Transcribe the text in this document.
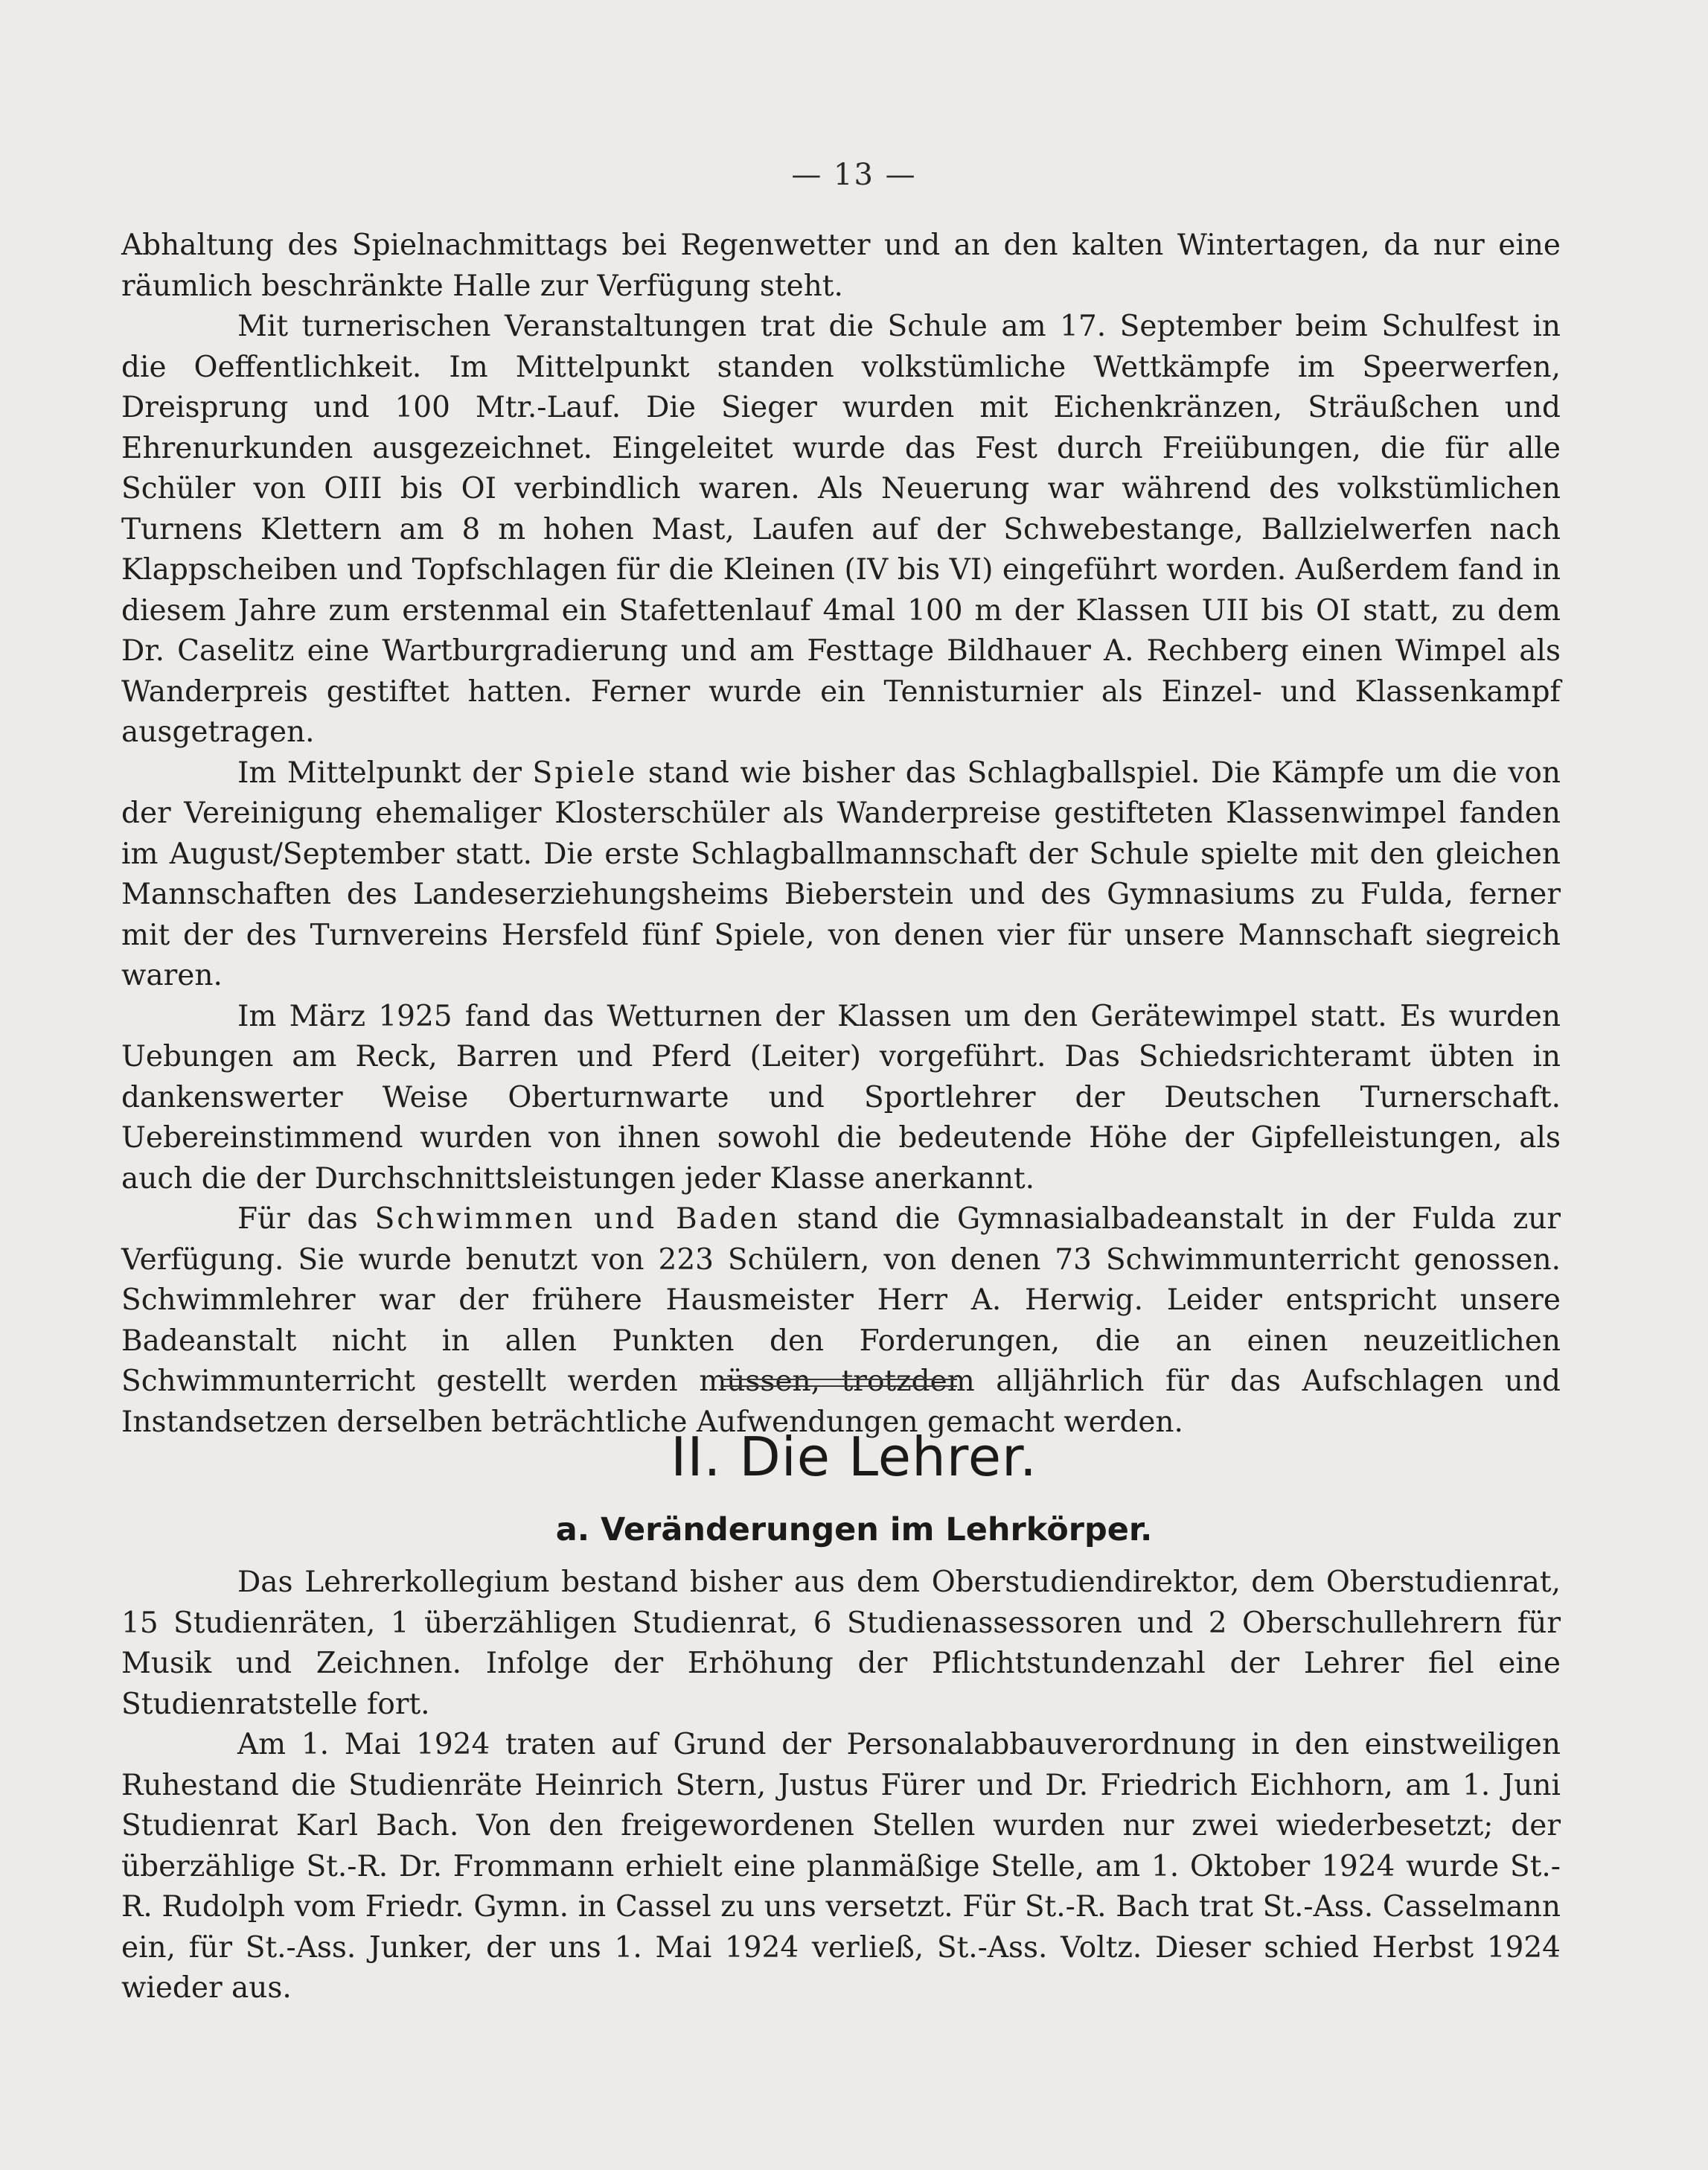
— 13 —

Abhaltung des Spielnachmittags bei Regenwetter und an den kalten Wintertagen, da nur eine räumlich beschränkte Halle zur Verfügung steht.

Mit turnerischen Veranstaltungen trat die Schule am 17. September beim Schulfest in die Oeffentlichkeit. Im Mittelpunkt standen volkstümliche Wettkämpfe im Speerwerfen, Dreisprung und 100 Mtr.-Lauf. Die Sieger wurden mit Eichenkränzen, Sträußchen und Ehrenurkunden ausgezeichnet. Eingeleitet wurde das Fest durch Freiübungen, die für alle Schüler von OIII bis OI verbindlich waren. Als Neuerung war während des volkstümlichen Turnens Klettern am 8 m hohen Mast, Laufen auf der Schwebestange, Ballzielwerfen nach Klappscheiben und Topfschlagen für die Kleinen (IV bis VI) eingeführt worden. Außerdem fand in diesem Jahre zum erstenmal ein Stafettenlauf 4mal 100 m der Klassen UII bis OI statt, zu dem Dr. Caselitz eine Wartburgradierung und am Festtage Bildhauer A. Rechberg einen Wimpel als Wanderpreis gestiftet hatten. Ferner wurde ein Tennisturnier als Einzel- und Klassenkampf ausgetragen.

Im Mittelpunkt der Spiele stand wie bisher das Schlagballspiel. Die Kämpfe um die von der Vereinigung ehemaliger Klosterschüler als Wanderpreise gestifteten Klassenwimpel fanden im August/September statt. Die erste Schlagballmannschaft der Schule spielte mit den gleichen Mannschaften des Landeserziehungsheims Bieberstein und des Gymnasiums zu Fulda, ferner mit der des Turnvereins Hersfeld fünf Spiele, von denen vier für unsere Mannschaft siegreich waren.

Im März 1925 fand das Wetturnen der Klassen um den Gerätewimpel statt. Es wurden Uebungen am Reck, Barren und Pferd (Leiter) vorgeführt. Das Schiedsrichteramt übten in dankenswerter Weise Oberturnwarte und Sportlehrer der Deutschen Turnerschaft. Uebereinstimmend wurden von ihnen sowohl die bedeutende Höhe der Gipfelleistungen, als auch die der Durchschnittsleistungen jeder Klasse anerkannt.

Für das Schwimmen und Baden stand die Gymnasialbadeanstalt in der Fulda zur Verfügung. Sie wurde benutzt von 223 Schülern, von denen 73 Schwimmunterricht genossen. Schwimmlehrer war der frühere Hausmeister Herr A. Herwig. Leider entspricht unsere Badeanstalt nicht in allen Punkten den Forderungen, die an einen neuzeitlichen Schwimmunterricht gestellt werden müssen, trotzdem alljährlich für das Aufschlagen und Instandsetzen derselben beträchtliche Aufwendungen gemacht werden.

II. Die Lehrer.
a. Veränderungen im Lehrkörper.

Das Lehrerkollegium bestand bisher aus dem Oberstudiendirektor, dem Oberstudienrat, 15 Studienräten, 1 überzähligen Studienrat, 6 Studienassessoren und 2 Oberschullehrern für Musik und Zeichnen. Infolge der Erhöhung der Pflichtstundenzahl der Lehrer fiel eine Studienratstelle fort.

Am 1. Mai 1924 traten auf Grund der Personalabbauverordnung in den einstweiligen Ruhestand die Studienräte Heinrich Stern, Justus Fürer und Dr. Friedrich Eichhorn, am 1. Juni Studienrat Karl Bach. Von den freigewordenen Stellen wurden nur zwei wiederbesetzt; der überzählige St.-R. Dr. Frommann erhielt eine planmäßige Stelle, am 1. Oktober 1924 wurde St.-R. Rudolph vom Friedr. Gymn. in Cassel zu uns versetzt. Für St.-R. Bach trat St.-Ass. Casselmann ein, für St.-Ass. Junker, der uns 1. Mai 1924 verließ, St.-Ass. Voltz. Dieser schied Herbst 1924 wieder aus.
